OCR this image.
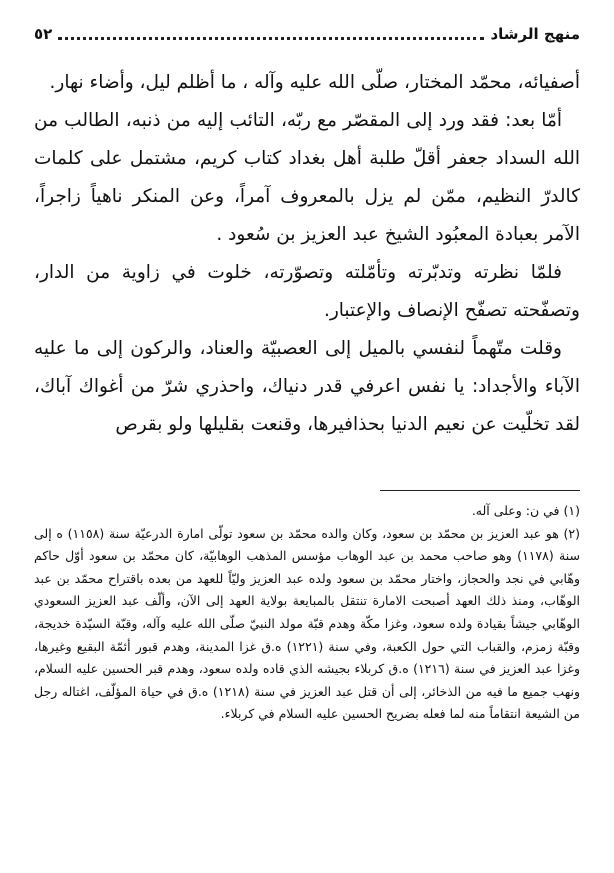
منهج الرشاد
٥٢

أصفيائه، محمّد المختار، صلّى الله عليه وآله ، ما أظلم ليل، وأضاء نهار.

أمّا بعد: فقد ورد إلى المقصّر مع ربّه، التائب إليه من ذنبه، الطالب من الله السداد جعفر أقلّ طلبة أهل بغداد كتاب كريم، مشتمل على كلمات كالدرّ النظيم، ممّن لم يزل بالمعروف آمراً، وعن المنكر ناهياً زاجراً، الآمر بعبادة المعبُود الشيخ عبد العزيز بن سُعود .

فلمّا نظرته وتدبّرته وتأمّلته وتصوّرته، خلوت في زاوية من الدار، وتصفّحته تصفّح الإنصاف والإعتبار.

وقلت متّهماً لنفسي بالميل إلى العصبيّة والعناد، والركون إلى ما عليه الآباء والأجداد: يا نفس اعرفي قدر دنياك، واحذري شرّ من أغواك آباك، لقد تخلّيت عن نعيم الدنيا بحذافيرها، وقنعت بقليلها ولو بقرص

(١) في ن: وعلى آله.

(٢) هو عبد العزيز بن محمّد بن سعود، وكان والده محمّد بن سعود تولّى امارة الدرعيّة سنة (١١٥٨) ه إلى سنة (١١٧٨) وهو صاحب محمد بن عبد الوهاب مؤسس المذهب الوهابيّة، كان محمّد بن سعود أوّل حاكم وهّابي في نجد والحجاز، واختار محمّد بن سعود ولده عبد العزيز وليّاً للعهد من بعده باقتراح محمّد بن عبد الوهّاب، ومنذ ذلك العهد أصبحت الامارة تنتقل بالمبايعة بولاية العهد إلى الآن، وألّف عبد العزيز السعودي الوهّابي جيشاً بقيادة ولده سعود، وغزا مكّة وهدم قبّة مولد النبيّ صلّى الله عليه وآله، وقبّة السيّدة خديجة، وقبّة زمزم، والقباب التي حول الكعبة، وفي سنة (١٢٢١) ه.ق غزا المدينة، وهدم قبور أئمّة البقيع وغيرها، وغزا عبد العزيز في سنة (١٢١٦) ه.ق كربلاء بجيشه الذي قاده ولده سعود، وهدم قبر الحسين عليه السلام، ونهب جميع ما فيه من الذخائر، إلى أن قتل عبد العزيز في سنة (١٢١٨) ه.ق في حياة المؤلّف، اغتاله رجل من الشيعة انتقاماً منه لما فعله بضريح الحسين عليه السلام في كربلاء.
